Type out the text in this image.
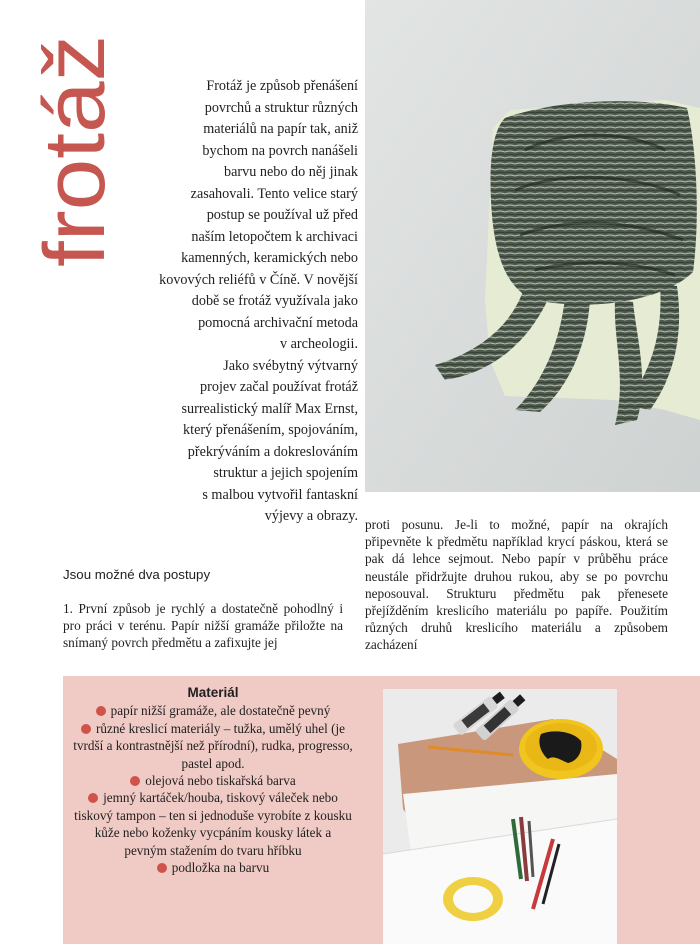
frotáž	Frotáž je způsob přenášení

povrchů a struktur různých

materiálů na papír tak, aniž

bychom na povrch nanášeli

barvu nebo do něj jinak

zasahovali. Tento velice starý

postup se používal už před

naším letopočtem k archivaci

kamenných, keramických nebo

kovových reliéfů v Číně. V novější

době se frotáž využívala jako

pomocná archivační metoda

v archeologii.

Jako svébytný výtvarný

projev začal používat frotáž

surrealistický malíř Max Ernst,

který přenášením, spojováním,

překrýváním a dokreslováním

struktur a jejich spojením

s malbou vytvořil fantaskní

výjevy a obrazy.

proti posunu. Je-li to možné, papír na okrajích připevněte k předmětu například krycí páskou, která se pak dá lehce sejmout. Nebo papír v průběhu práce neustále přidržujte druhou rukou, aby se po povrchu neposouval. Strukturu předmětu pak přenesete přejížděním kreslicího materiálu po papíře. Použitím různých druhů kreslicího materiálu a způsobem zacházení

Jsou možné dva postupy

1. První způsob je rychlý a dostatečně pohodlný i pro práci v terénu. Papír nižší gramáže přiložte na snímaný povrch předmětu a zafixujte jej

Materiál
papír nižší gramáže, ale dostatečně pevný
různé kreslicí materiály – tužka, umělý uhel (je tvrdší a kontrastnější než přírodní), rudka, progresso, pastel apod.
olejová nebo tiskařská barva
jemný kartáček/houba, tiskový váleček nebo tiskový tampon – ten si jednoduše vyrobíte z kousku kůže nebo koženky vycpáním kousky látek a pevným stažením do tvaru hříbku
podložka na barvu
